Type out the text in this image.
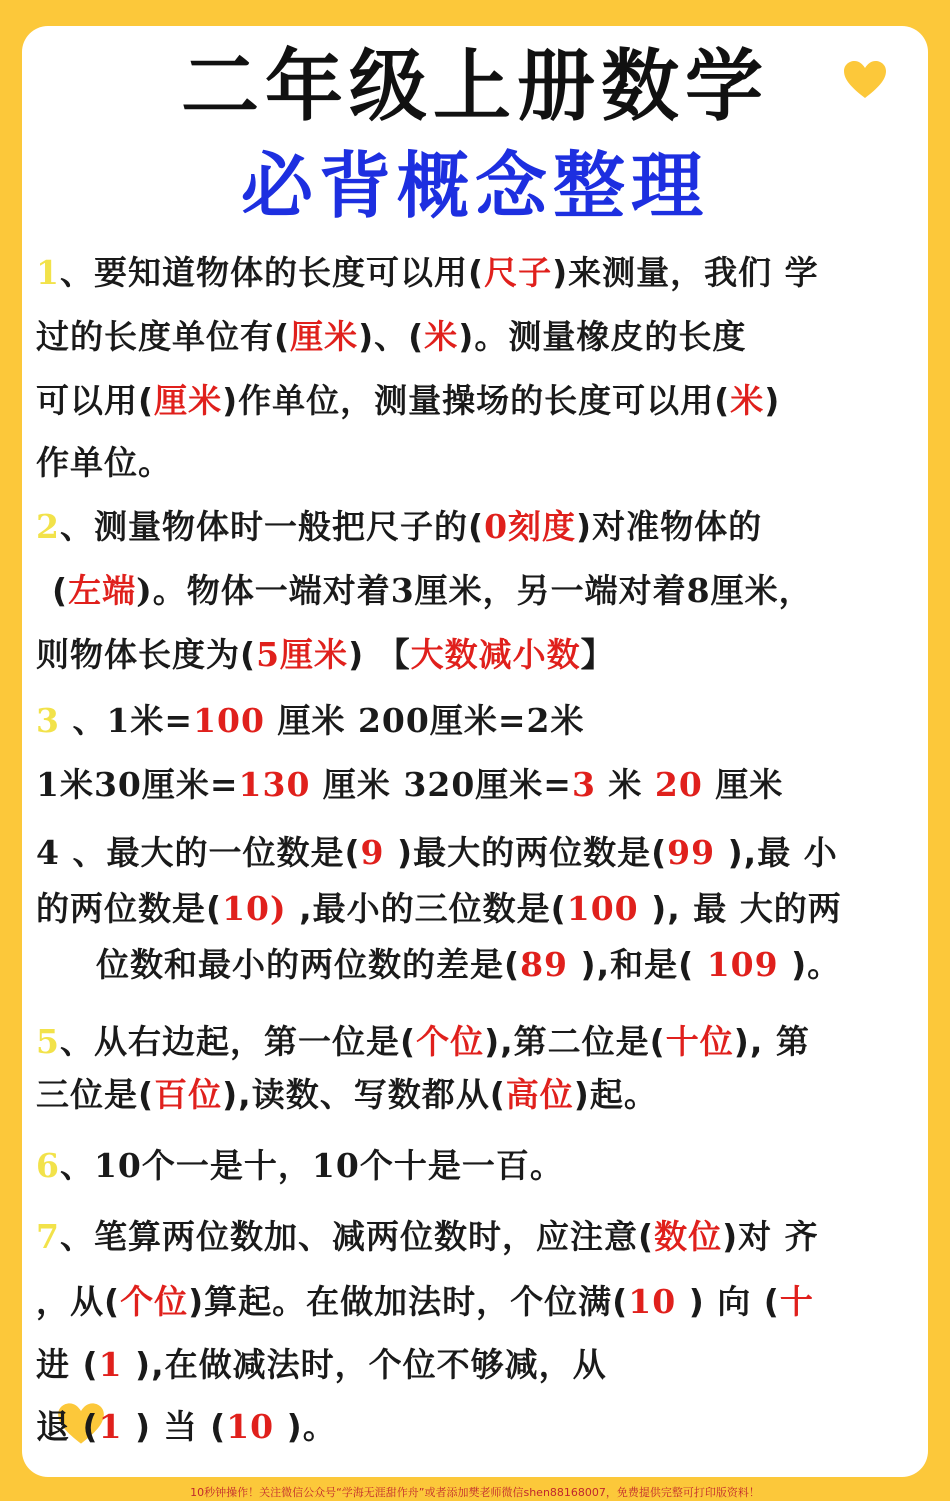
二年级上册数学
必背概念整理
1、要知道物体的长度可以用(尺子)来测量，我们 学
过的长度单位有(厘米)、(米)。测量橡皮的长度
可以用(厘米)作单位，测量操场的长度可以用(米)
作单位。
2、测量物体时一般把尺子的(0刻度)对准物体的
(左端)。物体一端对着3厘米，另一端对着8厘米，
则物体长度为(5厘米) 【大数减小数】
3 、1米=100 厘米 200厘米=2米
1米30厘米=130 厘米 320厘米=3 米 20 厘米
4 、最大的一位数是(9 )最大的两位数是(99 ),最 小
的两位数是(10) ,最小的三位数是(100 ), 最 大的两
位数和最小的两位数的差是(89 ),和是( 109 )。
5、从右边起，第一位是(个位),第二位是(十位), 第
三位是(百位),读数、写数都从(高位)起。
6、10个一是十，10个十是一百。
7、笔算两位数加、减两位数时，应注意(数位)对 齐
，从(个位)算起。在做加法时，个位满(10 ) 向 (十
进 (1 ),在做减法时，个位不够减，从
退 (1 ) 当 (10 )。
10秒钟操作！关注微信公众号“学海无涯甜作舟”或者添加樊老师微信shen88168007，免费提供完整可打印版资料！
